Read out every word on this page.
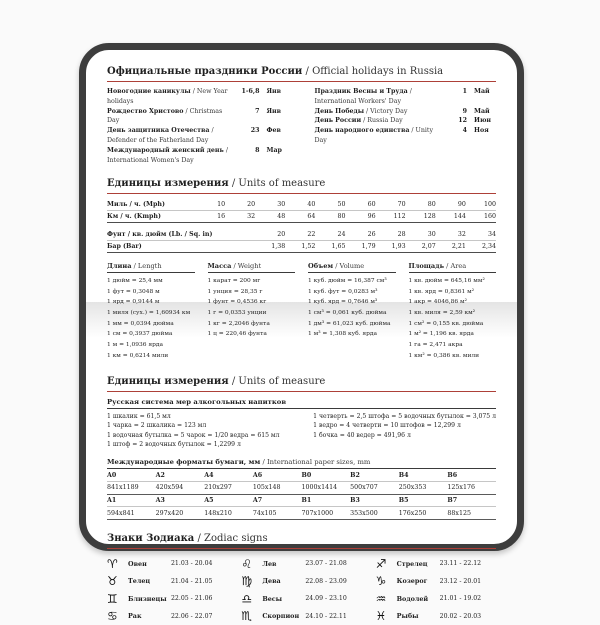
Официальные праздники России / Official holidays in Russia
Новогодние каникулы / New Year holidays
1-6,8 Янв
Рождество Христово / Christmas Day
7 Янв
День защитника Отечества / Defender of the Fatherland Day
23 Фев
Международный женский день / International Women's Day
8 Мар
Праздник Весны и Труда / International Workers' Day
1 Май
День Победы / Victory Day	9 Май
День России / Russia Day	12 Июн
День народного единства / Unity Day
4 Ноя
Единицы измерения / Units of measure
Миль / ч. (Mph)	10	20	30	40	50	60	70	80	90	100
Км / ч. (Kmph)	16	32	48	64	80	96	112	128	144	160
Фунт / кв. дюйм (Lb. / Sq. in)	20	22	24	26	28	30	32	34
Бар (Bar)	1,38	1,52	1,65	1,79	1,93	2,07	2,21	2,34
Длина / Length
1 дюйм = 25,4 мм
1 фут = 0,3048 м
1 ярд = 0,9144 м
1 миля (сух.) = 1,60934 км
1 мм = 0,0394 дюйма
1 см = 0,3937 дюйма
1 м = 1,0936 ярда
1 км = 0,6214 мили
Масса / Weight
1 карат = 200 мг
1 унция = 28,35 г
1 фунт = 0,4536 кг
1 г = 0,0353 унции
1 кг = 2,2046 фунта
1 ц = 220,46 фунта
Объем / Volume
1 куб. дюйм = 16,387 см³
1 куб. фут = 0,0283 м³
1 куб. ярд = 0,7646 м³
1 см³ = 0,061 куб. дюйма
1 дм³ = 61,023 куб. дюйма
1 м³ = 1,308 куб. ярда
Площадь / Area
1 кв. дюйм = 645,16 мм²
1 кв. ярд = 0,8361 м²
1 акр = 4046,86 м²
1 кв. миля = 2,59 км²
1 см² = 0,155 кв. дюйма
1 м² = 1,196 кв. ярда
1 га = 2,471 акра
1 км² = 0,386 кв. мили
Единицы измерения / Units of measure
Русская система мер алкогольных напитков
1 шкалик = 61,5 мл
1 чарка = 2 шкалика = 123 мл
1 водочная бутылка = 5 чарок = 1/20 ведра = 615 мл
1 штоф = 2 водочных бутылок = 1,2299 л
1 четверть = 2,5 штофа = 5 водочных бутылок = 3,075 л
1 ведро = 4 четверти = 10 штофов = 12,299 л
1 бочка = 40 ведер = 491,96 л
Международные форматы бумаги, мм / International paper sizes, mm
A0	A2	A4	A6	B0	B2	B4	B6
841x1189	420x594	210x297	105x148	1000x1414	500x707	250x353	125x176
A1	A3	A5	A7	B1	B3	B5	B7
594x841	297x420	148x210	74x105	707x1000	353x500	176x250	88x125
Знаки Зодиака / Zodiac signs
♈	Овен	21.03 - 20.04
♉	Телец	21.04 - 21.05
♊	Близнецы 22.05 - 21.06
♋	Рак	22.06 - 22.07
♌	Лев	23.07 - 21.08
♍	Дева	22.08 - 23.09
♎	Весы	24.09 - 23.10
♏	Скорпион	24.10 - 22.11
♐	Стрелец	23.11 - 22.12
♑	Козерог	23.12 - 20.01
♒	Водолей	21.01 - 19.02
♓	Рыбы	20.02 - 20.03
